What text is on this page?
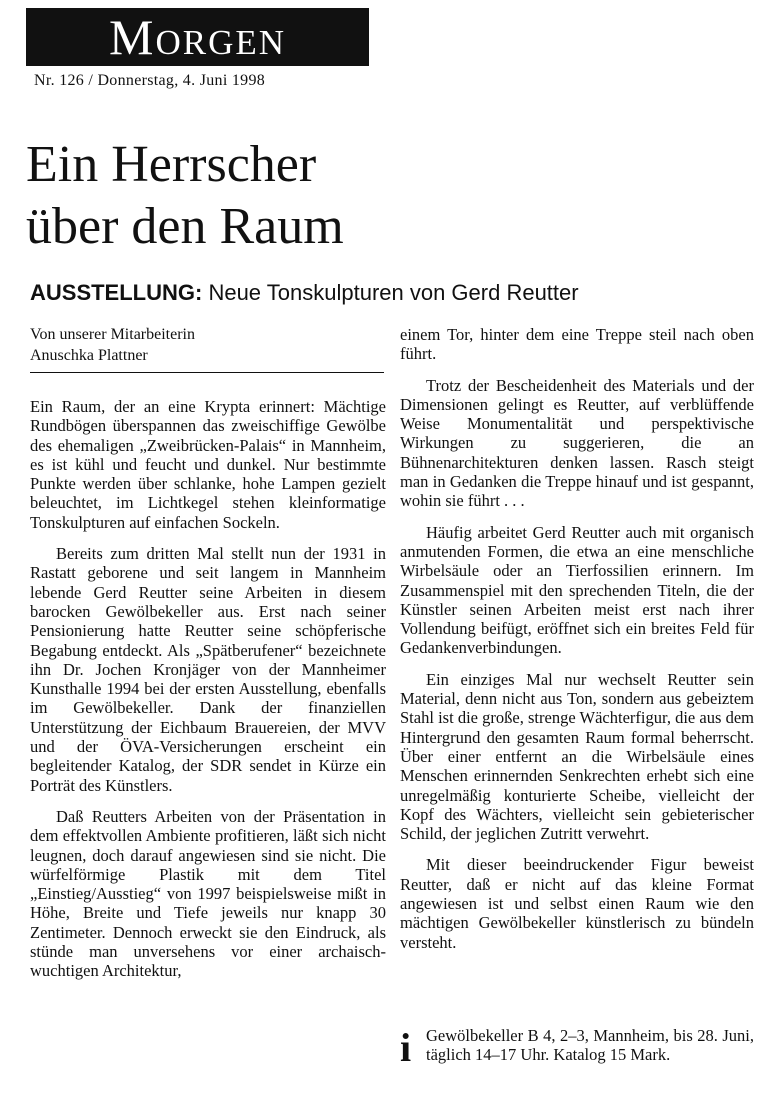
Morgen
Nr. 126 / Donnerstag, 4. Juni 1998
Ein Herrscher
über den Raum
AUSSTELLUNG: Neue Tonskulpturen von Gerd Reutter
Von unserer Mitarbeiterin
Anuschka Plattner

Ein Raum, der an eine Krypta erinnert: Mächtige Rundbögen überspannen das zweischiffige Gewölbe des ehemaligen „Zweibrücken-Palais“ in Mannheim, es ist kühl und feucht und dunkel. Nur bestimmte Punkte werden über schlanke, hohe Lampen gezielt beleuchtet, im Lichtkegel stehen kleinformatige Tonskulpturen auf einfachen Sockeln.

Bereits zum dritten Mal stellt nun der 1931 in Rastatt geborene und seit langem in Mannheim lebende Gerd Reutter seine Arbeiten in diesem barocken Gewölbekeller aus. Erst nach seiner Pensionierung hatte Reutter seine schöpferische Begabung entdeckt. Als „Spätberufener“ bezeichnete ihn Dr. Jochen Kronjäger von der Mannheimer Kunsthalle 1994 bei der ersten Ausstellung, ebenfalls im Gewölbekeller. Dank der finanziellen Unterstützung der Eichbaum Brauereien, der MVV und der ÖVA-Versicherungen erscheint ein begleitender Katalog, der SDR sendet in Kürze ein Porträt des Künstlers.

Daß Reutters Arbeiten von der Präsentation in dem effektvollen Ambiente profitieren, läßt sich nicht leugnen, doch darauf angewiesen sind sie nicht. Die würfelförmige Plastik mit dem Titel „Einstieg/Ausstieg“ von 1997 beispielsweise mißt in Höhe, Breite und Tiefe jeweils nur knapp 30 Zentimeter. Dennoch erweckt sie den Eindruck, als stünde man unversehens vor einer archaisch-wuchtigen Architektur,

einem Tor, hinter dem eine Treppe steil nach oben führt.

Trotz der Bescheidenheit des Materials und der Dimensionen gelingt es Reutter, auf verblüffende Weise Monumentalität und perspektivische Wirkungen zu suggerieren, die an Bühnenarchitekturen denken lassen. Rasch steigt man in Gedanken die Treppe hinauf und ist gespannt, wohin sie führt . . .

Häufig arbeitet Gerd Reutter auch mit organisch anmutenden Formen, die etwa an eine menschliche Wirbelsäule oder an Tierfossilien erinnern. Im Zusammenspiel mit den sprechenden Titeln, die der Künstler seinen Arbeiten meist erst nach ihrer Vollendung beifügt, eröffnet sich ein breites Feld für Gedankenverbindungen.

Ein einziges Mal nur wechselt Reutter sein Material, denn nicht aus Ton, sondern aus gebeiztem Stahl ist die große, strenge Wächterfigur, die aus dem Hintergrund den gesamten Raum formal beherrscht. Über einer entfernt an die Wirbelsäule eines Menschen erinnernden Senkrechten erhebt sich eine unregelmäßig konturierte Scheibe, vielleicht der Kopf des Wächters, vielleicht sein gebieterischer Schild, der jeglichen Zutritt verwehrt.

Mit dieser beeindruckender Figur beweist Reutter, daß er nicht auf das kleine Format angewiesen ist und selbst einen Raum wie den mächtigen Gewölbekeller künstlerisch zu bündeln versteht.

i Gewölbekeller B 4, 2–3, Mannheim, bis 28. Juni, täglich 14–17 Uhr. Katalog 15 Mark.
